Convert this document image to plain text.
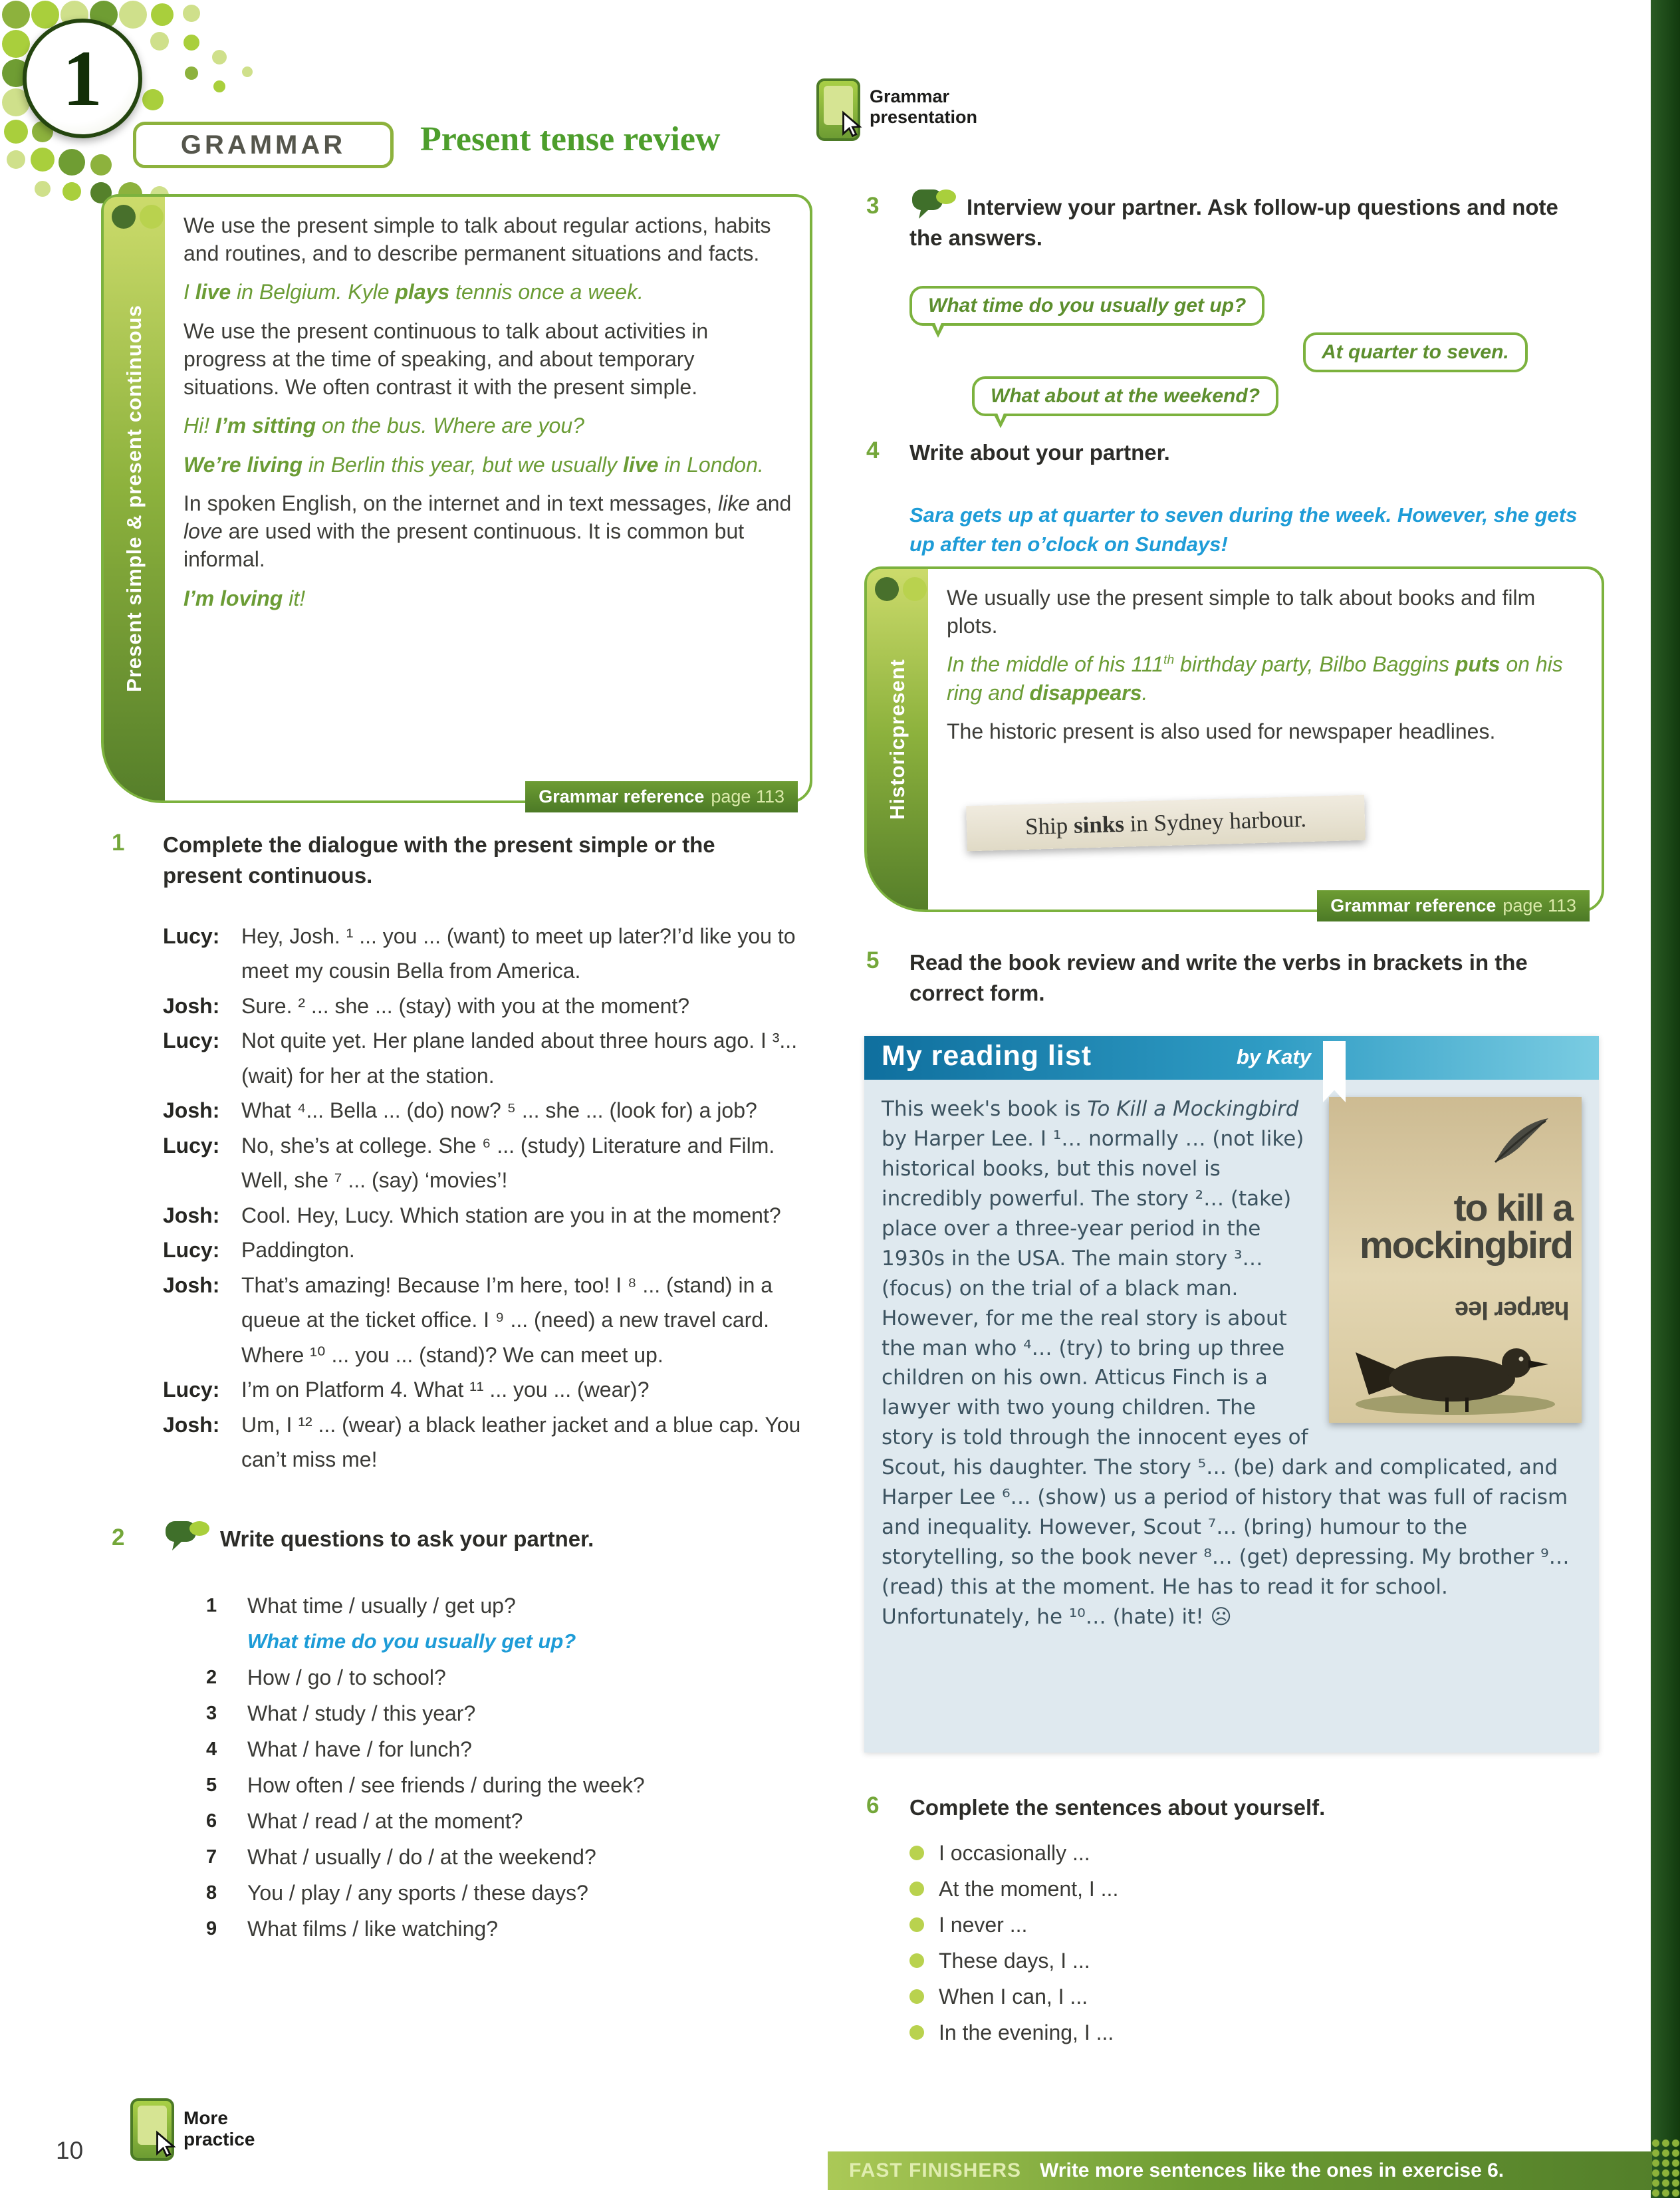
1
GRAMMAR	Present tense review
Grammar
presentation
Present simple & present continuous

We use the present simple to talk about regular actions, habits and routines, and to describe permanent situations and facts.

I live in Belgium. Kyle plays tennis once a week.

We use the present continuous to talk about activities in progress at the time of speaking, and about temporary situations. We often contrast it with the present simple.

Hi! I’m sitting on the bus. Where are you?

We’re living in Berlin this year, but we usually live in London.

In spoken English, on the internet and in text messages, like and love are used with the present continuous. It is common but informal.

I’m loving it!

Grammar reference page 113
1 Complete the dialogue with the present simple or the present continuous.

Lucy: Hey, Josh. ¹ ... you ... (want) to meet up later?I’d like you to meet my cousin Bella from America.

Josh: Sure. ² ... she ... (stay) with you at the moment?

Lucy: Not quite yet. Her plane landed about three hours ago. I ³... (wait) for her at the station.

Josh: What ⁴... Bella ... (do) now? ⁵ ... she ... (look for) a job?

Lucy: No, she’s at college. She ⁶ ... (study) Literature and Film. Well, she ⁷ ... (say) ‘movies’!

Josh: Cool. Hey, Lucy. Which station are you in at the moment?

Lucy: Paddington.

Josh: That’s amazing! Because I’m here, too! I ⁸ ... (stand) in a queue at the ticket office. I ⁹ ... (need) a new travel card. Where ¹⁰ ... you ... (stand)? We can meet up.

Lucy: I’m on Platform 4. What ¹¹ ... you ... (wear)?

Josh: Um, I ¹² ... (wear) a black leather jacket and a blue cap. You can’t miss me!

2	Write questions to ask your partner.

1	What time / usually / get up?
What time do you usually get up?
2	How / go / to school?
3	What / study / this year?
4	What / have / for lunch?
5	How often / see friends / during the week?
6	What / read / at the moment?
7	What / usually / do / at the weekend?
8	You / play / any sports / these days?
9	What films / like watching?
3	Interview your partner. Ask follow-up questions and note the answers.

What time do you usually get up?
At quarter to seven.
What about at the weekend?
4 Write about your partner.

Sara gets up at quarter to seven during the week. However, she gets up after ten o’clock on Sundays!

Historic

present

We usually use the present simple to talk about books and film plots.

In the middle of his 111th birthday party, Bilbo Baggins puts on his ring and disappears.

The historic present is also used for newspaper headlines.

Ship sinks in Sydney harbour.
Grammar reference page 113
5 Read the book review and write the verbs in brackets in the correct form.

My reading list	by Katy
to kill a
mockingbird
harper lee
This week's book is To Kill a Mockingbird by Harper Lee. I ¹… normally … (not like) historical books, but this novel is incredibly powerful. The story ²… (take) place over a three-year period in the 1930s in the USA. The main story ³… (focus) on the trial of a black man. However, for me the real story is about the man who ⁴… (try) to bring up three children on his own. Atticus Finch is a lawyer with two young children. The story is told through the innocent eyes of Scout, his daughter. The story ⁵… (be) dark and complicated, and Harper Lee ⁶… (show) us a period of history that was full of racism and inequality. However, Scout ⁷… (bring) humour to the storytelling, so the book never ⁸… (get) depressing. My brother ⁹… (read) this at the moment. He has to read it for school. Unfortunately, he ¹⁰… (hate) it! ☹
6 Complete the sentences about yourself.

I occasionally ...
At the moment, I ...
I never ...
These days, I ...
When I can, I ...
In the evening, I ...
More
practice
10
FAST FINISHERS Write more sentences like the ones in exercise 6.
